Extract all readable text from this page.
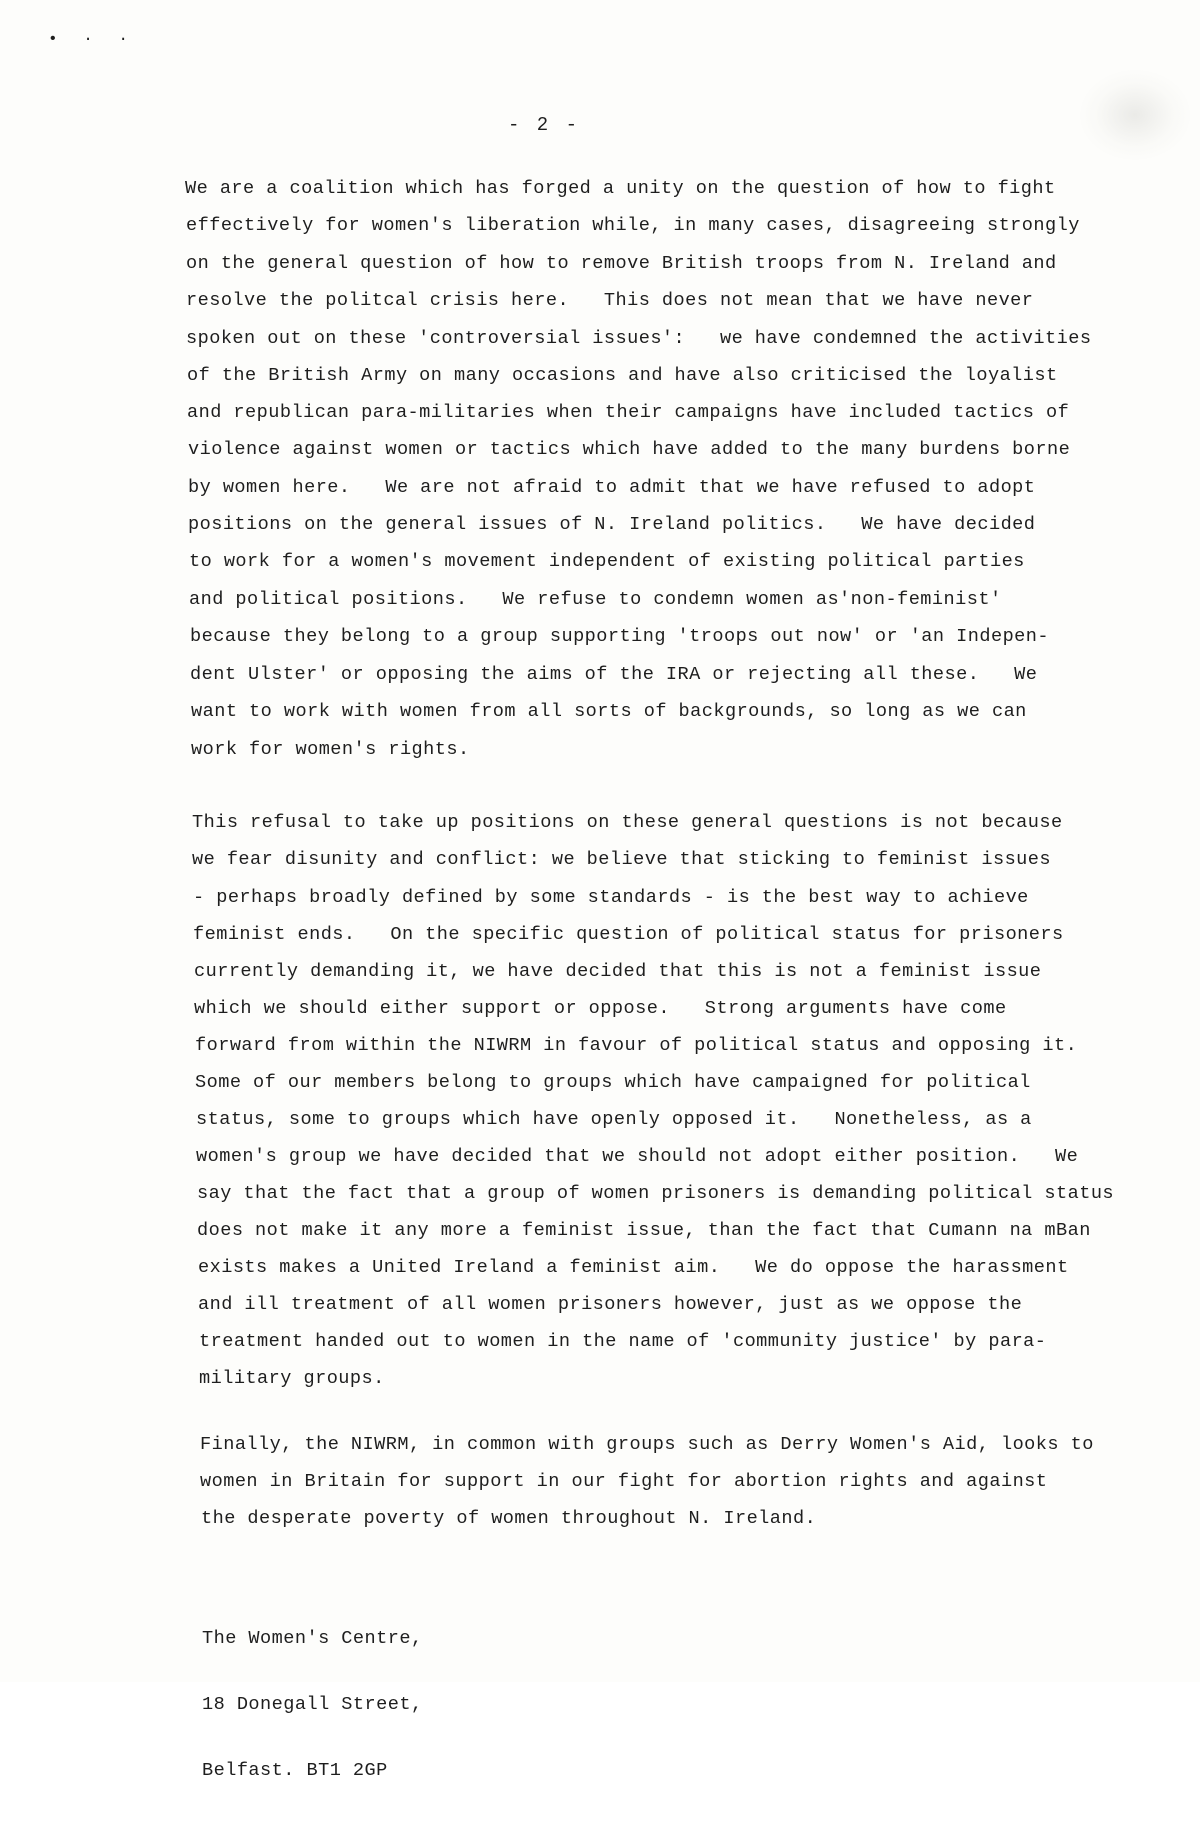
• · ·
- 2 -

We are a coalition which has forged a unity on the question of how to fight

effectively for women's liberation while, in many cases, disagreeing strongly

on the general question of how to remove British troops from N. Ireland and

resolve the politcal crisis here.   This does not mean that we have never

spoken out on these 'controversial issues':   we have condemned the activities

of the British Army on many occasions and have also criticised the loyalist

and republican para-militaries when their campaigns have included tactics of

violence against women or tactics which have added to the many burdens borne

by women here.   We are not afraid to admit that we have refused to adopt

positions on the general issues of N. Ireland politics.   We have decided

to work for a women's movement independent of existing political parties

and political positions.   We refuse to condemn women as'non-feminist'

because they belong to a group supporting 'troops out now' or 'an Indepen-

dent Ulster' or opposing the aims of the IRA or rejecting all these.   We

want to work with women from all sorts of backgrounds, so long as we can

work for women's rights.

This refusal to take up positions on these general questions is not because

we fear disunity and conflict: we believe that sticking to feminist issues

- perhaps broadly defined by some standards - is the best way to achieve

feminist ends.   On the specific question of political status for prisoners

currently demanding it, we have decided that this is not a feminist issue

which we should either support or oppose.   Strong arguments have come

forward from within the NIWRM in favour of political status and opposing it.

Some of our members belong to groups which have campaigned for political

status, some to groups which have openly opposed it.   Nonetheless, as a

women's group we have decided that we should not adopt either position.   We

say that the fact that a group of women prisoners is demanding political status

does not make it any more a feminist issue, than the fact that Cumann na mBan

exists makes a United Ireland a feminist aim.   We do oppose the harassment

and ill treatment of all women prisoners however, just as we oppose the

treatment handed out to women in the name of 'community justice' by para-

military groups.

Finally, the NIWRM, in common with groups such as Derry Women's Aid, looks to

women in Britain for support in our fight for abortion rights and against

the desperate poverty of women throughout N. Ireland.

The Women's Centre,

18 Donegall Street,

Belfast. BT1 2GP
